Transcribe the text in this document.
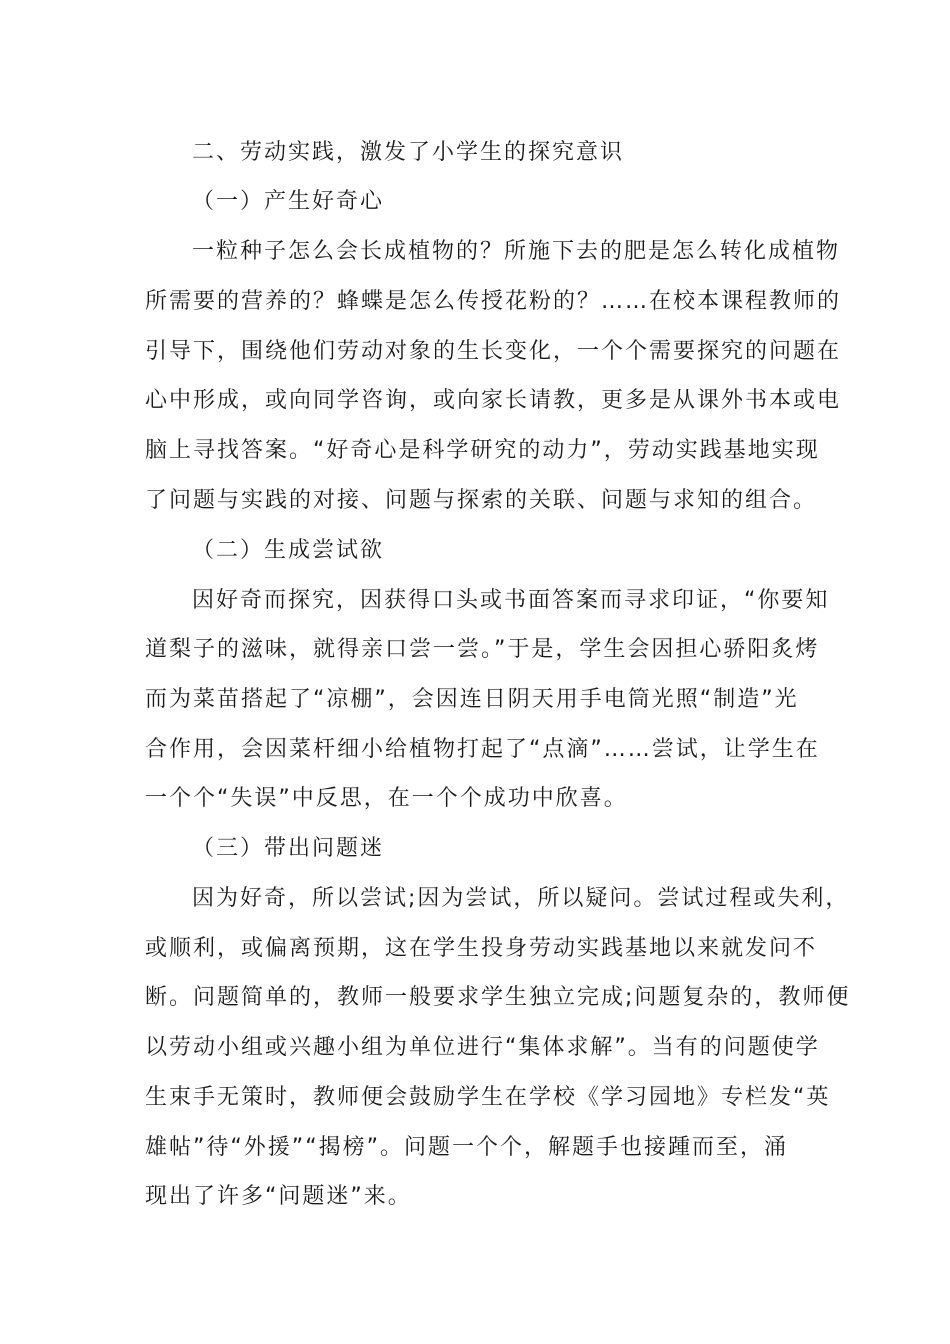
二、劳动实践，激发了小学生的探究意识
（一）产生好奇心
一粒种子怎么会长成植物的？所施下去的肥是怎么转化成植物
所需要的营养的？蜂蝶是怎么传授花粉的？……在校本课程教师的
引导下，围绕他们劳动对象的生长变化，一个个需要探究的问题在
心中形成，或向同学咨询，或向家长请教，更多是从课外书本或电
脑上寻找答案。“好奇心是科学研究的动力”，劳动实践基地实现
了问题与实践的对接、问题与探索的关联、问题与求知的组合。
（二）生成尝试欲
因好奇而探究，因获得口头或书面答案而寻求印证，“你要知
道梨子的滋味，就得亲口尝一尝。”于是，学生会因担心骄阳炙烤
而为菜苗搭起了“凉棚”，会因连日阴天用手电筒光照“制造”光
合作用，会因菜杆细小给植物打起了“点滴”……尝试，让学生在
一个个“失误”中反思，在一个个成功中欣喜。
（三）带出问题迷
因为好奇，所以尝试;因为尝试，所以疑问。尝试过程或失利，
或顺利，或偏离预期，这在学生投身劳动实践基地以来就发问不
断。问题简单的，教师一般要求学生独立完成;问题复杂的，教师便
以劳动小组或兴趣小组为单位进行“集体求解”。当有的问题使学
生束手无策时，教师便会鼓励学生在学校《学习园地》专栏发“英
雄帖”待“外援”“揭榜”。问题一个个，解题手也接踵而至，涌
现出了许多“问题迷”来。
